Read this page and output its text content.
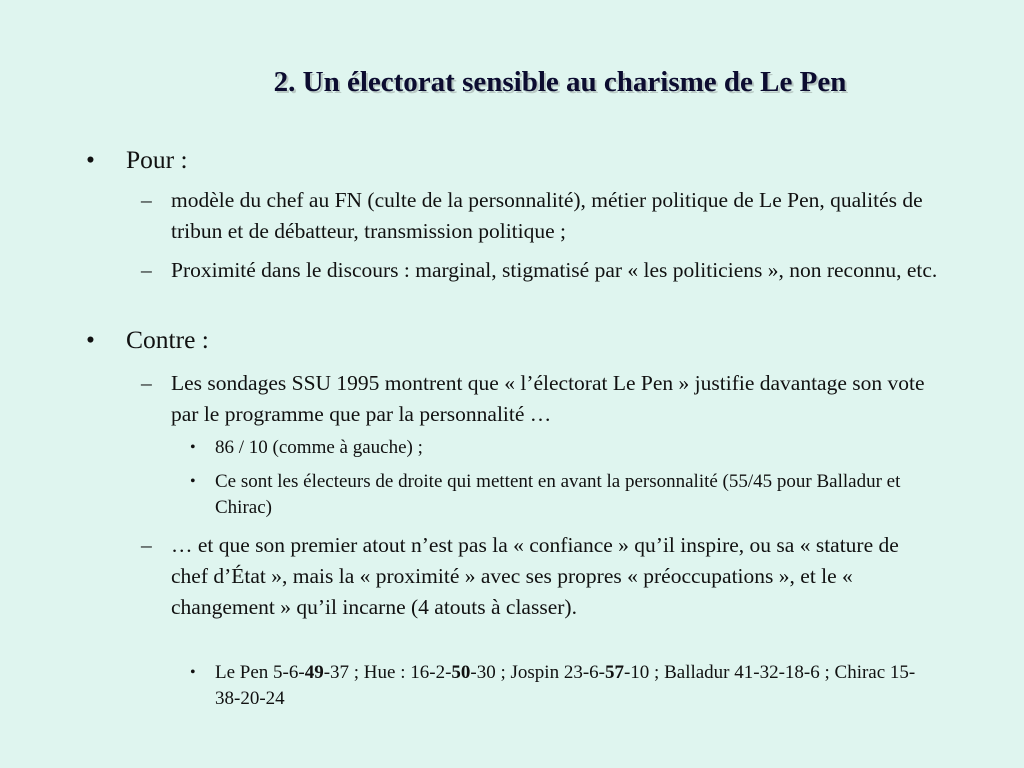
2. Un électorat sensible au charisme de Le Pen
• Pour :
– modèle du chef au FN (culte de la personnalité), métier politique de Le Pen, qualités de tribun et de débatteur, transmission politique ;
– Proximité dans le discours : marginal, stigmatisé par « les politiciens », non reconnu, etc.
• Contre :
– Les sondages SSU 1995 montrent que « l’électorat Le Pen » justifie davantage son vote par le programme que par la personnalité …
• 86 / 10 (comme à gauche) ;
• Ce sont les électeurs de droite qui mettent en avant la personnalité (55/45 pour Balladur et Chirac)
– … et que son premier atout n’est pas la « confiance » qu’il inspire, ou sa « stature de chef d’État », mais la « proximité » avec ses propres « préoccupations », et le « changement » qu’il incarne (4 atouts à classer).
• Le Pen 5-6-49-37 ; Hue : 16-2-50-30 ; Jospin 23-6-57-10 ; Balladur 41-32-18-6 ; Chirac 15-38-20-24
